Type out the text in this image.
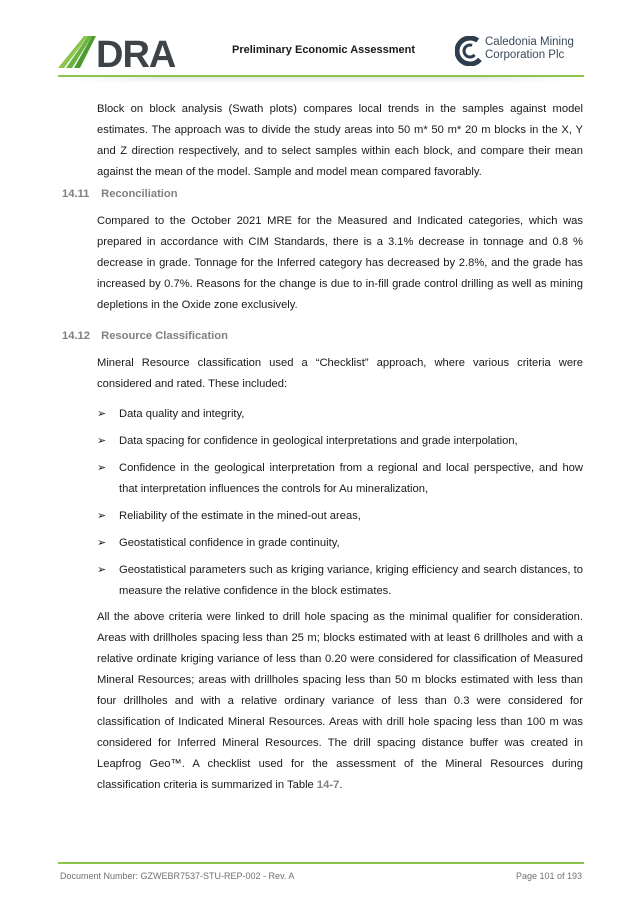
DRA	Preliminary Economic Assessment
Caledonia Mining
Corporation Plc
Block on block analysis (Swath plots) compares local trends in the samples against model estimates. The approach was to divide the study areas into 50 m* 50 m* 20 m blocks in the X, Y and Z direction respectively, and to select samples within each block, and compare their mean against the mean of the model. Sample and model mean compared favorably.
14.11 Reconciliation
Compared to the October 2021 MRE for the Measured and Indicated categories, which was prepared in accordance with CIM Standards, there is a 3.1% decrease in tonnage and 0.8 % decrease in grade. Tonnage for the Inferred category has decreased by 2.8%, and the grade has increased by 0.7%. Reasons for the change is due to in-fill grade control drilling as well as mining depletions in the Oxide zone exclusively.
14.12 Resource Classification
Mineral Resource classification used a “Checklist” approach, where various criteria were considered and rated. These included:
➢	Data quality and integrity,
➢	Data spacing for confidence in geological interpretations and grade interpolation,
➢	Confidence in the geological interpretation from a regional and local perspective, and how that interpretation influences the controls for Au mineralization,
➢	Reliability of the estimate in the mined-out areas,
➢	Geostatistical confidence in grade continuity,
➢	Geostatistical parameters such as kriging variance, kriging efficiency and search distances, to measure the relative confidence in the block estimates.
All the above criteria were linked to drill hole spacing as the minimal qualifier for consideration. Areas with drillholes spacing less than 25 m; blocks estimated with at least 6 drillholes and with a relative ordinate kriging variance of less than 0.20 were considered for classification of Measured Mineral Resources; areas with drillholes spacing less than 50 m blocks estimated with less than four drillholes and with a relative ordinary variance of less than 0.3 were considered for classification of Indicated Mineral Resources. Areas with drill hole spacing less than 100 m was considered for Inferred Mineral Resources. The drill spacing distance buffer was created in Leapfrog Geo™. A checklist used for the assessment of the Mineral Resources during classification criteria is summarized in Table 14-7.
Document Number: GZWEBR7537-STU-REP-002 - Rev. A	Page 101 of 193
